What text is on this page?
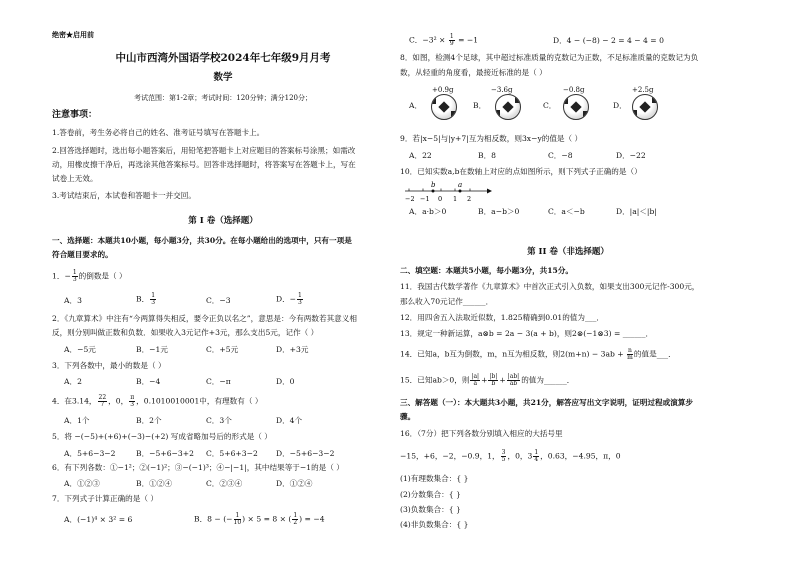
绝密★启用前
中山市西湾外国语学校2024年七年级9月月考
数学
考试范围：第1-2章；考试时间：120分钟；满分120分；
注意事项：
1.答卷前，考生务必将自己的姓名、准考证号填写在答题卡上。
2.回答选择题时，选出每小题答案后，用铅笔把答题卡上对应题目的答案标号涂黑；如需改
动，用橡皮擦干净后，再选涂其他答案标号。回答非选择题时，将答案写在答题卡上，写在
试卷上无效。
3.考试结束后，本试卷和答题卡一并交回。
第 I 卷（选择题）
一、选择题：本题共10小题，每小题3分，共30分。在每小题给出的选项中，只有一项是
符合题目要求的。
1．− $\frac{1}{3}$ 的倒数是（ ）
A．3	B． $\frac{1}{3}$	C．−3	D．− $\frac{1}{3}$
2．《九章算术》中注有“今两算得失相反，要令正负以名之”，意思是：今有两数若其意义相
反，则分别叫做正数和负数．如果收入3元记作+3元，那么支出5元，记作（ ）
A．−5元	B．−1元	C．+5元	D．+3元
3．下列各数中，最小的数是（ ）
A．2	B．−4	C．−π	D．0
4．在3.14， $\frac{22}{7}$ ，0， $\frac{\pi}{3}$ ，0.1010010001中，有理数有（ ）
A．1个	B．2个	C．3个	D．4个
5．将 −(−5)+(+6)+(−3)−(+2) 写成省略加号后的形式是（ ）
A．5+6−3−2	B．−5+6−3+2 C．5+6+3−2 D．−5+6−3−2
6．有下列各数：①−1²；②(−1)²；③−(−1)³；④−|−1|，其中结果等于−1的是（ ）
A．①②③	B．①②④	C．②③④	D．①②④
7．下列式子计算正确的是（ ）
A．(−1)⁴ × 3² = 6	B．8 − (− $\frac{1}{10}$ ) × 5 = 8 × ( $\frac{1}{2}$ ) = −4
C．$-3^2 \times \frac{1}{9} = -1$	D．4 − (−8) − 2 = 4 − 4 = 0
8．如图，检测4个足球，其中超过标准质量的克数记为正数，不足标准质量的克数记为负
数，从轻重的角度看，最接近标准的是（ ）
+0.9g	−3.6g	−0.8g	+2.5g
A．	B．	C．	D．
9．若|x−5|与|y+7|互为相反数，则3x−y的值是（ ）
A．22	B．8	C．−8	D．−22
10．已知实数a,b在数轴上对应的点如图所示，则下列式子正确的是（）
b	a
−2 −1 0 1 2
A．a·b＞0	B．a−b＞0	C．a＜−b	D．|a|＜|b|
第 II 卷（非选择题）
二、填空题：本题共5小题，每小题3分，共15分。
11．我国古代数学著作《九章算术》中首次正式引入负数，如果支出300元记作-300元，
那么收入70元记作______．
12．用四舍五入法取近似数，1.825精确到0.01的值为___．
13．规定一种新运算，a⊗b = 2a − 3(a + b)，则2⊗(−1⊗3) = ______．
14．已知a，b互为倒数，m，n互为相反数，则$2(m+n) - 3ab + \frac{n}{m}$ 的值是___．
15．已知ab＞0，则 $\frac{|a|}{a} + \frac{|b|}{b} + \frac{|ab|}{ab}$ 的值为______．
三、解答题（一）：本大题共3小题，共21分，解答应写出文字说明，证明过程或演算步
骤。
16．（7分）把下列各数分别填入相应的大括号里
−15，+6，−2，−0.9，1， $\frac{3}{5}$ ，0，$3 \frac{1}{4}$ ，0.63，−4.95，π，0
(1)有理数集合：{ }
(2)分数集合：{ }
(3)负数集合：{ }
(4)非负数集合：{ }
